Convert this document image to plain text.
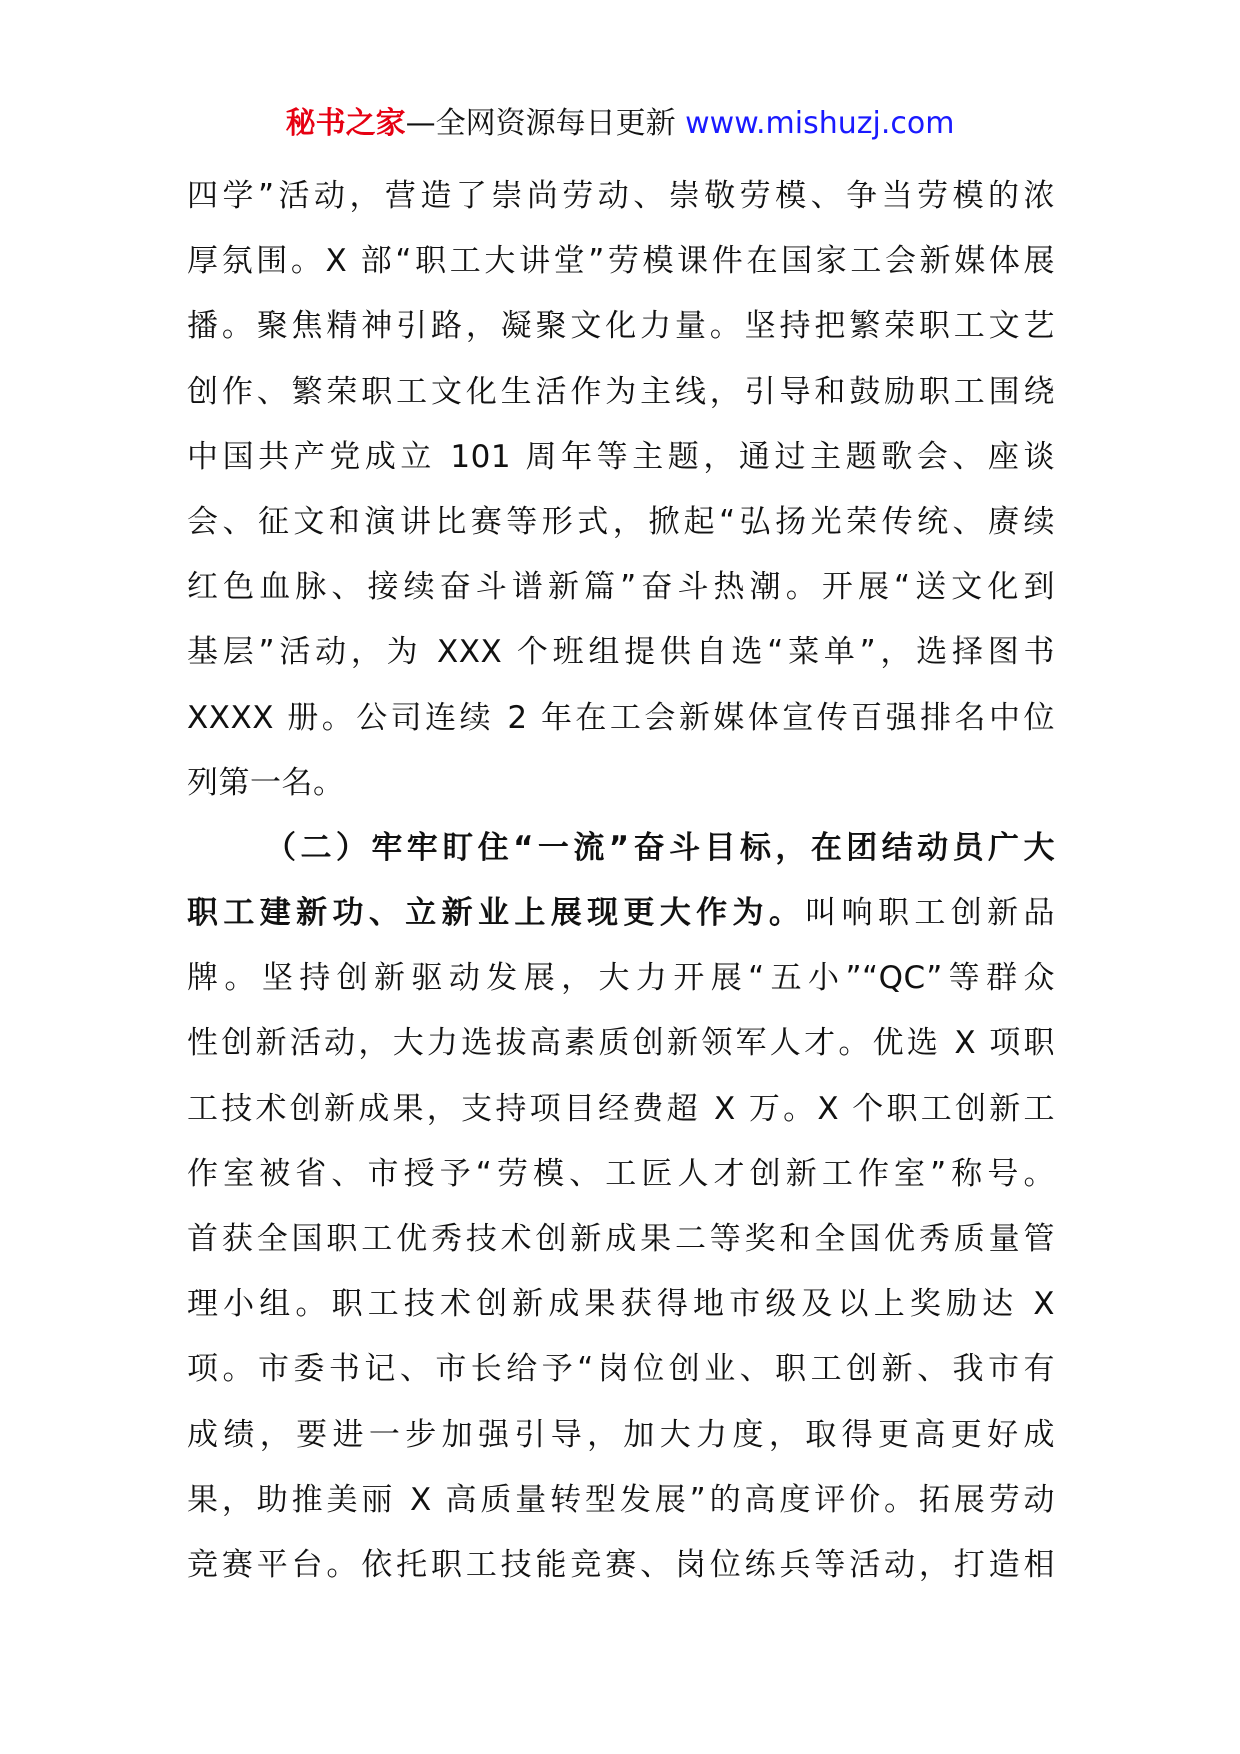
秘书之家—全网资源每日更新 www.mishuzj.com
四学”活动，营造了崇尚劳动、崇敬劳模、争当劳模的浓
厚氛围。X 部“职工大讲堂”劳模课件在国家工会新媒体展
播。聚焦精神引路，凝聚文化力量。坚持把繁荣职工文艺
创作、繁荣职工文化生活作为主线，引导和鼓励职工围绕
中国共产党成立 101 周年等主题，通过主题歌会、座谈
会、征文和演讲比赛等形式，掀起“弘扬光荣传统、赓续
红色血脉、接续奋斗谱新篇”奋斗热潮。开展“送文化到
基层”活动，为 XXX 个班组提供自选“菜单”，选择图书
XXXX 册。公司连续 2 年在工会新媒体宣传百强排名中位
列第一名。
（二）牢牢盯住“一流”奋斗目标，在团结动员广大
职工建新功、立新业上展现更大作为。叫响职工创新品
牌。坚持创新驱动发展，大力开展“五小”“QC”等群众
性创新活动，大力选拔高素质创新领军人才。优选 X 项职
工技术创新成果，支持项目经费超 X 万。X 个职工创新工
作室被省、市授予“劳模、工匠人才创新工作室”称号。
首获全国职工优秀技术创新成果二等奖和全国优秀质量管
理小组。职工技术创新成果获得地市级及以上奖励达 X
项。市委书记、市长给予“岗位创业、职工创新、我市有
成绩，要进一步加强引导，加大力度，取得更高更好成
果，助推美丽 X 高质量转型发展”的高度评价。拓展劳动
竞赛平台。依托职工技能竞赛、岗位练兵等活动，打造相
